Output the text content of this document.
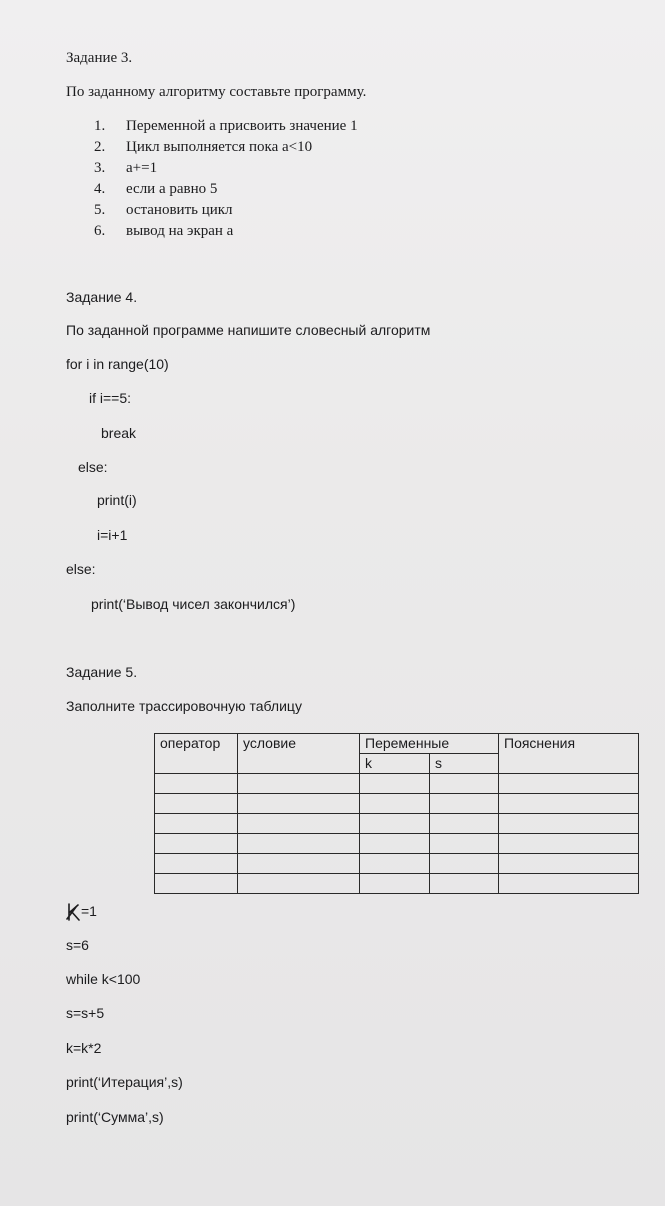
Задание 3.
По заданному алгоритму составьте программу.
1. Переменной а присвоить значение 1
2. Цикл выполняется пока a<10
3. a+=1
4. если а равно 5
5. остановить цикл
6. вывод на экран а
Задание 4.
По заданной программе напишите словесный алгоритм
for i in range(10)
if i==5:
break
else:
print(i)
i=i+1
else:
print(‘Вывод чисел закончился’)
Задание 5.
Заполните трассировочную таблицу
оператор	условие	Переменные		Пояснения
		k	s	

=1
s=6
while k<100
s=s+5
k=k*2
print(‘Итерация’,s)
print(‘Сумма’,s)
